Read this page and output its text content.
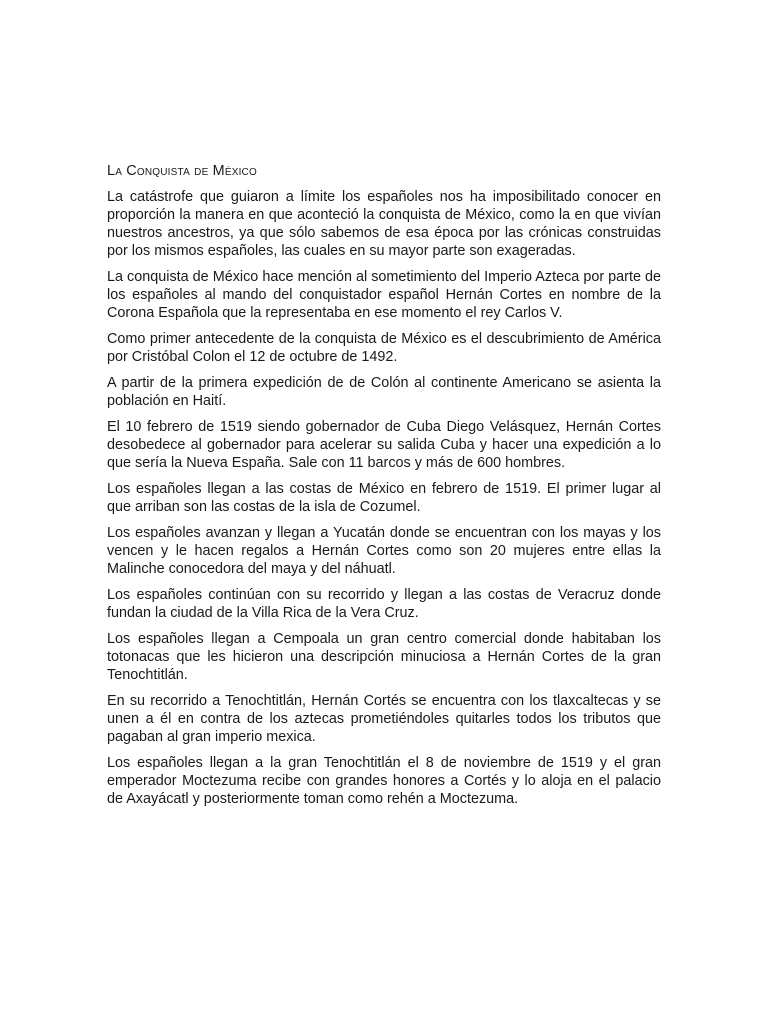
La Conquista de México

La catástrofe que guiaron a límite los españoles nos ha imposibilitado conocer en proporción la manera en que aconteció la conquista de México, como la en que vivían nuestros ancestros, ya que sólo sabemos de esa época por las crónicas construidas por los mismos españoles, las cuales en su mayor parte son exageradas.

La conquista de México hace mención al sometimiento del Imperio Azteca por parte de los españoles al mando del conquistador español Hernán Cortes en nombre de la Corona Española que la representaba en ese momento el rey Carlos V.

Como primer antecedente de la conquista de México es el descubrimiento de América por Cristóbal Colon el 12 de octubre de 1492.

A partir de la primera expedición de de Colón al continente Americano se asienta la población en Haití.

El 10 febrero de 1519 siendo gobernador de Cuba Diego Velásquez, Hernán Cortes desobedece al gobernador para acelerar su salida Cuba y hacer una expedición a lo que sería la Nueva España. Sale con 11 barcos y más de 600 hombres.

Los españoles llegan a las costas de México en febrero de 1519. El primer lugar al que arriban son las costas de la isla de Cozumel.

Los españoles avanzan y llegan a Yucatán donde se encuentran con los mayas y los vencen y le hacen regalos a Hernán Cortes como son 20 mujeres entre ellas la Malinche conocedora del maya y del náhuatl.

Los españoles continúan con su recorrido y llegan a las costas de Veracruz donde fundan la ciudad de la Villa Rica de la Vera Cruz.

Los españoles llegan a Cempoala un gran centro comercial donde habitaban los totonacas que les hicieron una descripción minuciosa a Hernán Cortes de la gran Tenochtitlán.

En su recorrido a Tenochtitlán, Hernán Cortés se encuentra con los tlaxcaltecas y se unen a él en contra de los aztecas prometiéndoles quitarles todos los tributos que pagaban al gran imperio mexica.

Los españoles llegan a la gran Tenochtitlán el 8 de noviembre de 1519 y el gran emperador Moctezuma recibe con grandes honores a Cortés y lo aloja en el palacio de Axayácatl y posteriormente toman como rehén a Moctezuma.
